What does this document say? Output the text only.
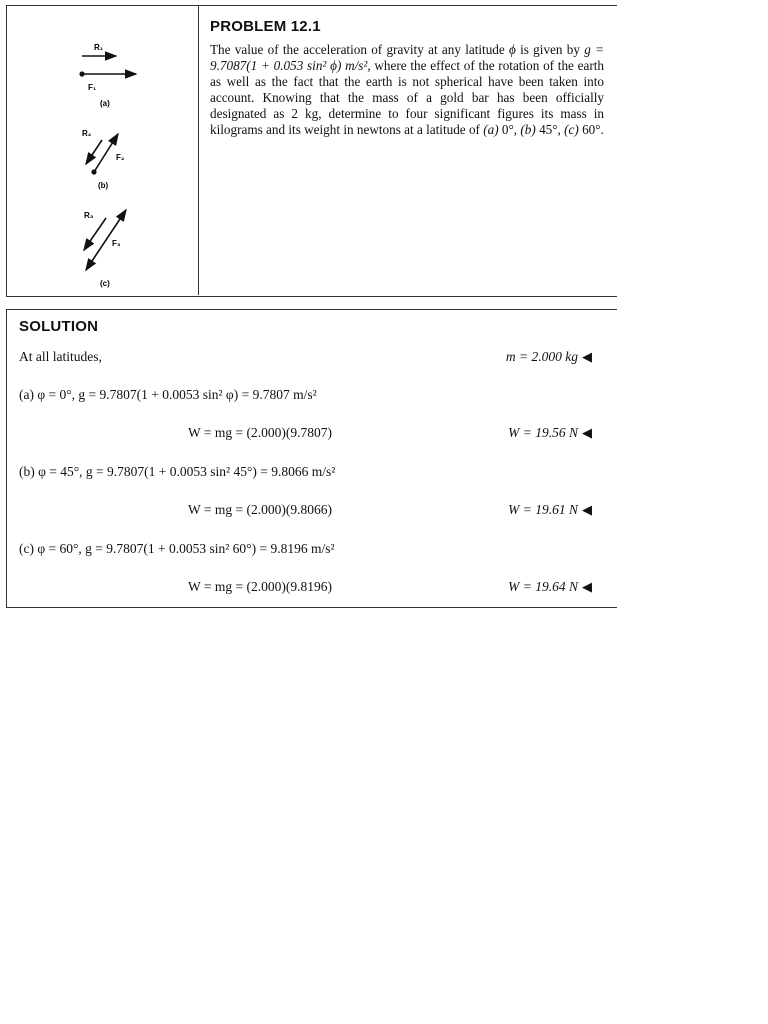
PROBLEM 12.1

The value of the acceleration of gravity at any latitude ϕ is given by g = 9.7087(1 + 0.053 sin² ϕ) m/s², where the effect of the rotation of the earth as well as the fact that the earth is not spherical have been taken into account. Knowing that the mass of a gold bar has been officially designated as 2 kg, determine to four significant figures its mass in kilograms and its weight in newtons at a latitude of (a) 0°, (b) 45°, (c) 60°.

R₁
F₁
(a)
R₂
F₂
(b)
R₃
F₃
(c)
SOLUTION
At all latitudes,	m = 2.000 kg ◀
(a) φ = 0°, g = 9.7807(1 + 0.0053 sin² φ) = 9.7807 m/s²
W = mg = (2.000)(9.7807)	W = 19.56 N ◀
(b) φ = 45°, g = 9.7807(1 + 0.0053 sin² 45°) = 9.8066 m/s²
W = mg = (2.000)(9.8066)	W = 19.61 N ◀
(c) φ = 60°, g = 9.7807(1 + 0.0053 sin² 60°) = 9.8196 m/s²
W = mg = (2.000)(9.8196)	W = 19.64 N ◀
